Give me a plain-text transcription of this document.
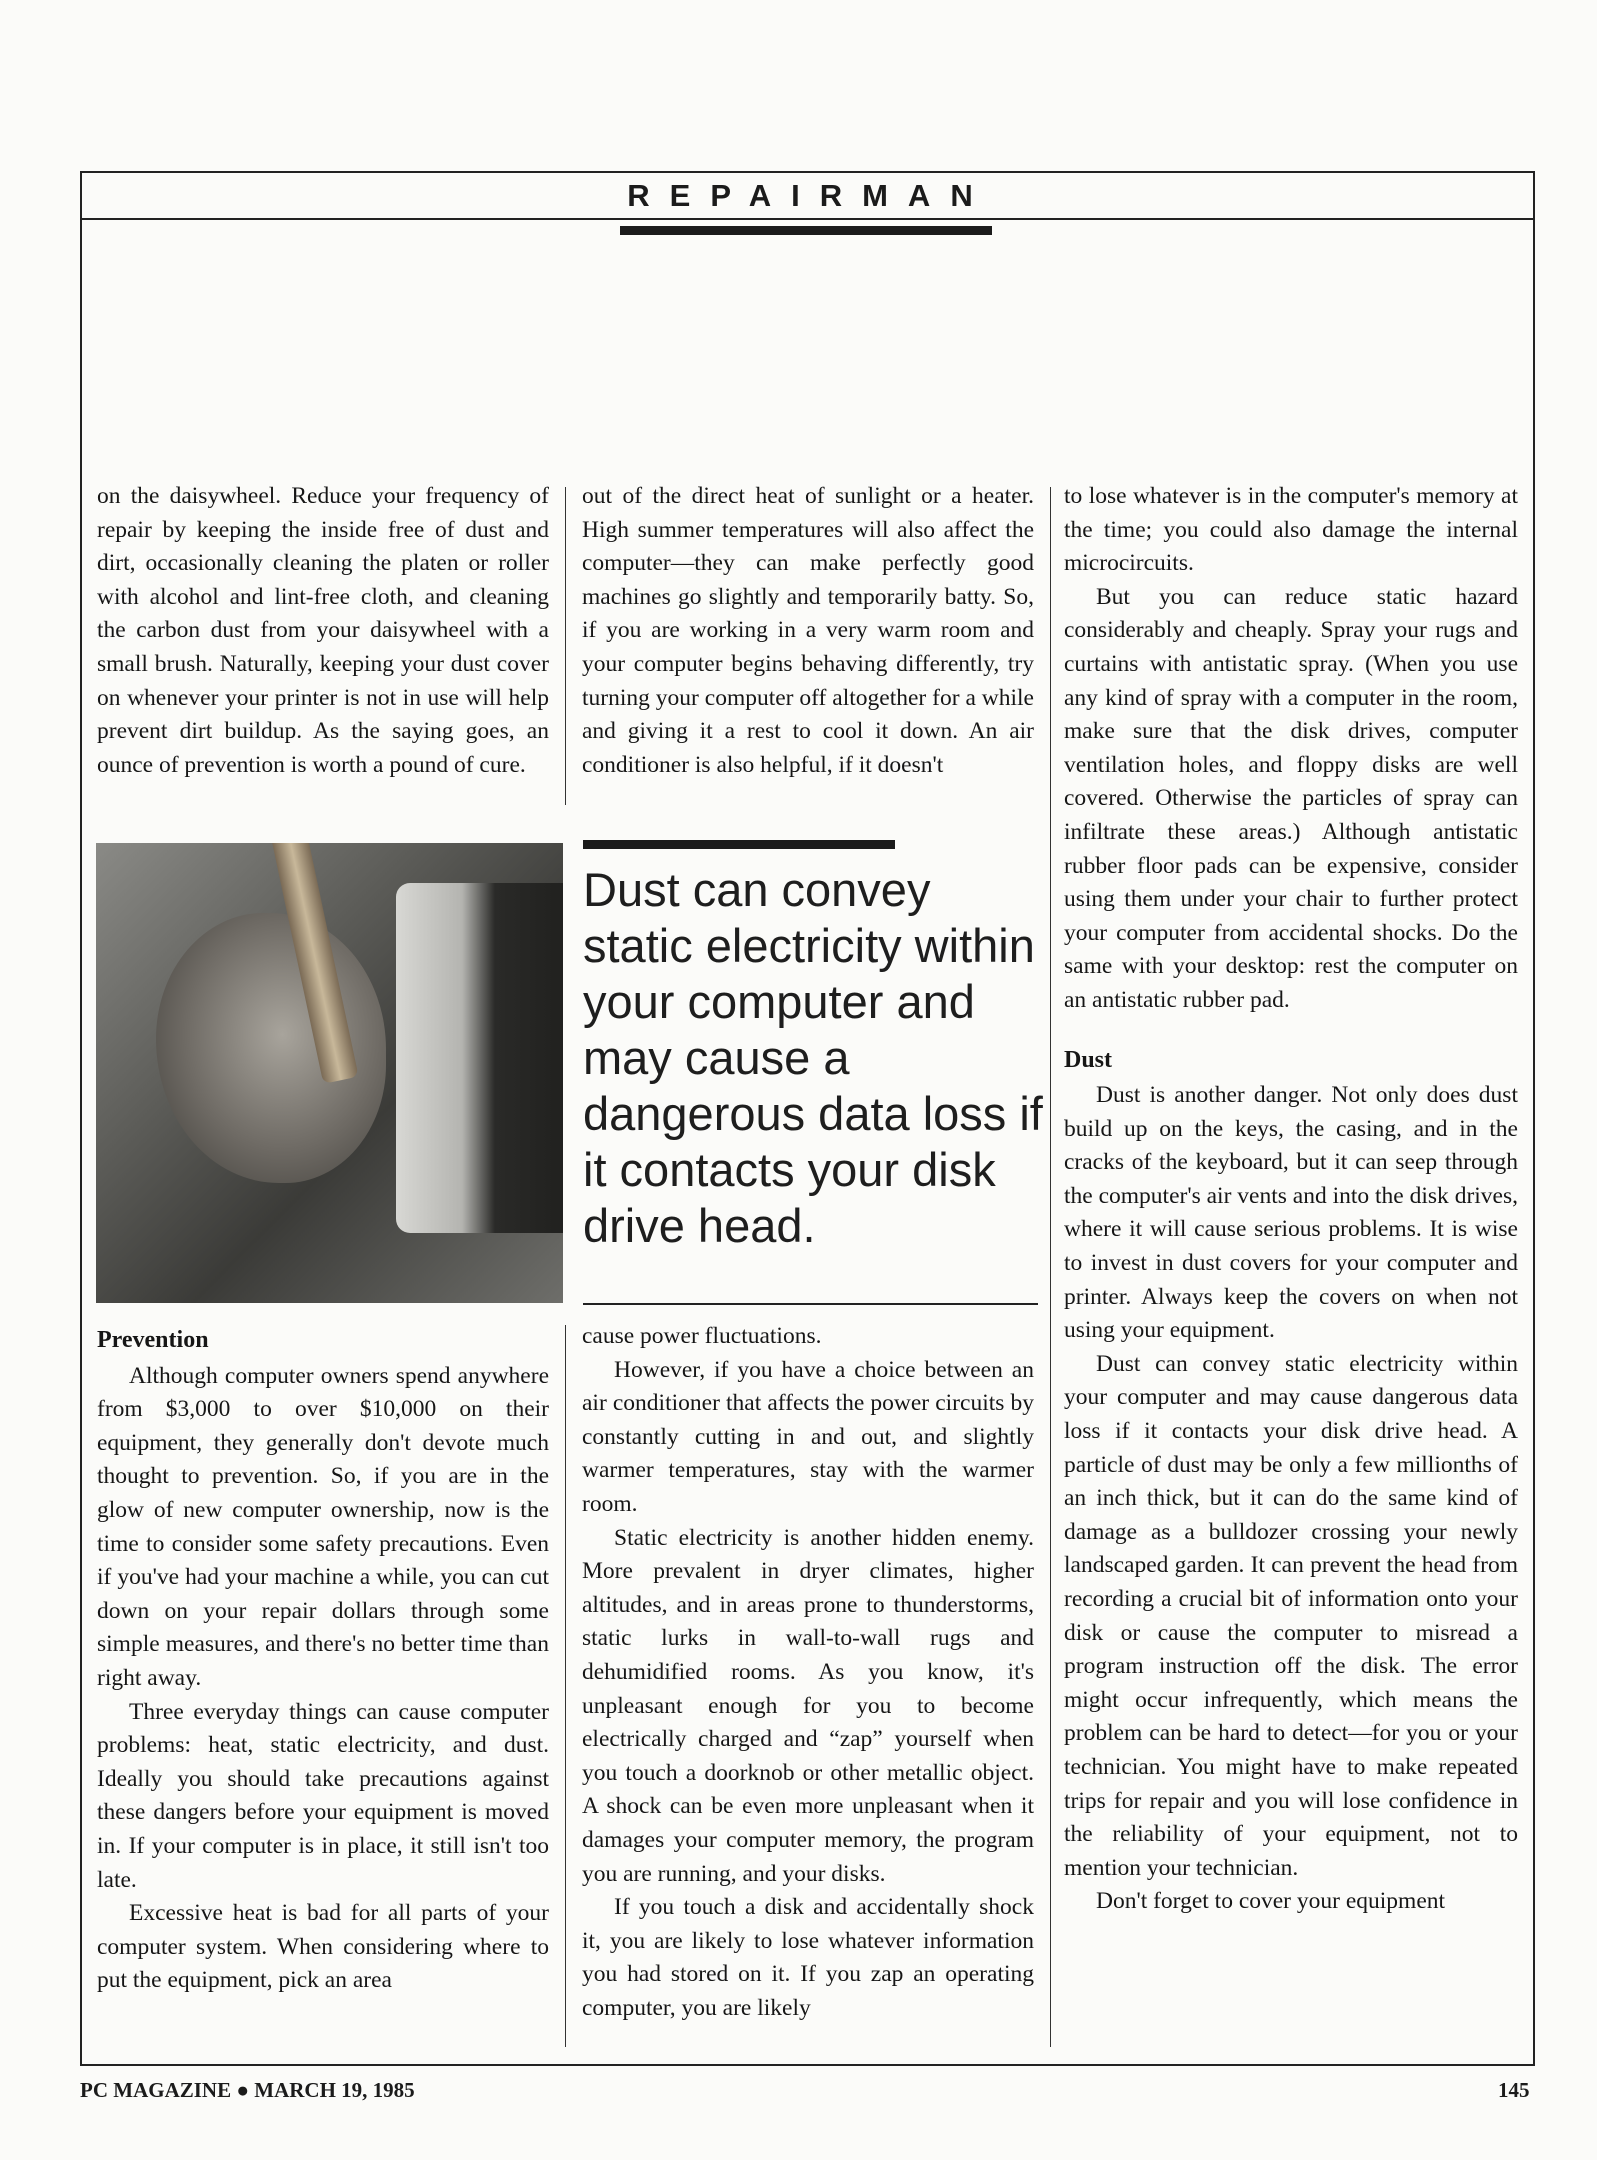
REPAIRMAN

on the daisywheel. Reduce your frequency of repair by keeping the inside free of dust and dirt, occasionally cleaning the platen or roller with alcohol and lint-free cloth, and cleaning the carbon dust from your daisywheel with a small brush. Naturally, keeping your dust cover on whenever your printer is not in use will help prevent dirt buildup. As the saying goes, an ounce of prevention is worth a pound of cure.

out of the direct heat of sunlight or a heater. High summer temperatures will also affect the computer—they can make perfectly good machines go slightly and temporarily batty. So, if you are working in a very warm room and your computer begins behaving differently, try turning your computer off altogether for a while and giving it a rest to cool it down. An air conditioner is also helpful, if it doesn't

Dust can convey static electricity within your computer and may cause a dangerous data loss if it contacts your disk drive head.
Prevention

Although computer owners spend anywhere from $3,000 to over $10,000 on their equipment, they generally don't devote much thought to prevention. So, if you are in the glow of new computer ownership, now is the time to consider some safety precautions. Even if you've had your machine a while, you can cut down on your repair dollars through some simple measures, and there's no better time than right away.

Three everyday things can cause computer problems: heat, static electricity, and dust. Ideally you should take precautions against these dangers before your equipment is moved in. If your computer is in place, it still isn't too late.

Excessive heat is bad for all parts of your computer system. When considering where to put the equipment, pick an area

cause power fluctuations.

However, if you have a choice between an air conditioner that affects the power circuits by constantly cutting in and out, and slightly warmer temperatures, stay with the warmer room.

Static electricity is another hidden enemy. More prevalent in dryer climates, higher altitudes, and in areas prone to thunderstorms, static lurks in wall-to-wall rugs and dehumidified rooms. As you know, it's unpleasant enough for you to become electrically charged and “zap” yourself when you touch a doorknob or other metallic object. A shock can be even more unpleasant when it damages your computer memory, the program you are running, and your disks.

If you touch a disk and accidentally shock it, you are likely to lose whatever information you had stored on it. If you zap an operating computer, you are likely

to lose whatever is in the computer's memory at the time; you could also damage the internal microcircuits.

But you can reduce static hazard considerably and cheaply. Spray your rugs and curtains with antistatic spray. (When you use any kind of spray with a computer in the room, make sure that the disk drives, computer ventilation holes, and floppy disks are well covered. Otherwise the particles of spray can infiltrate these areas.) Although antistatic rubber floor pads can be expensive, consider using them under your chair to further protect your computer from accidental shocks. Do the same with your desktop: rest the computer on an antistatic rubber pad.

Dust

Dust is another danger. Not only does dust build up on the keys, the casing, and in the cracks of the keyboard, but it can seep through the computer's air vents and into the disk drives, where it will cause serious problems. It is wise to invest in dust covers for your computer and printer. Always keep the covers on when not using your equipment.

Dust can convey static electricity within your computer and may cause dangerous data loss if it contacts your disk drive head. A particle of dust may be only a few millionths of an inch thick, but it can do the same kind of damage as a bulldozer crossing your newly landscaped garden. It can prevent the head from recording a crucial bit of information onto your disk or cause the computer to misread a program instruction off the disk. The error might occur infrequently, which means the problem can be hard to detect—for you or your technician. You might have to make repeated trips for repair and you will lose confidence in the reliability of your equipment, not to mention your technician.

Don't forget to cover your equipment

PC MAGAZINE ● MARCH 19, 1985	145
